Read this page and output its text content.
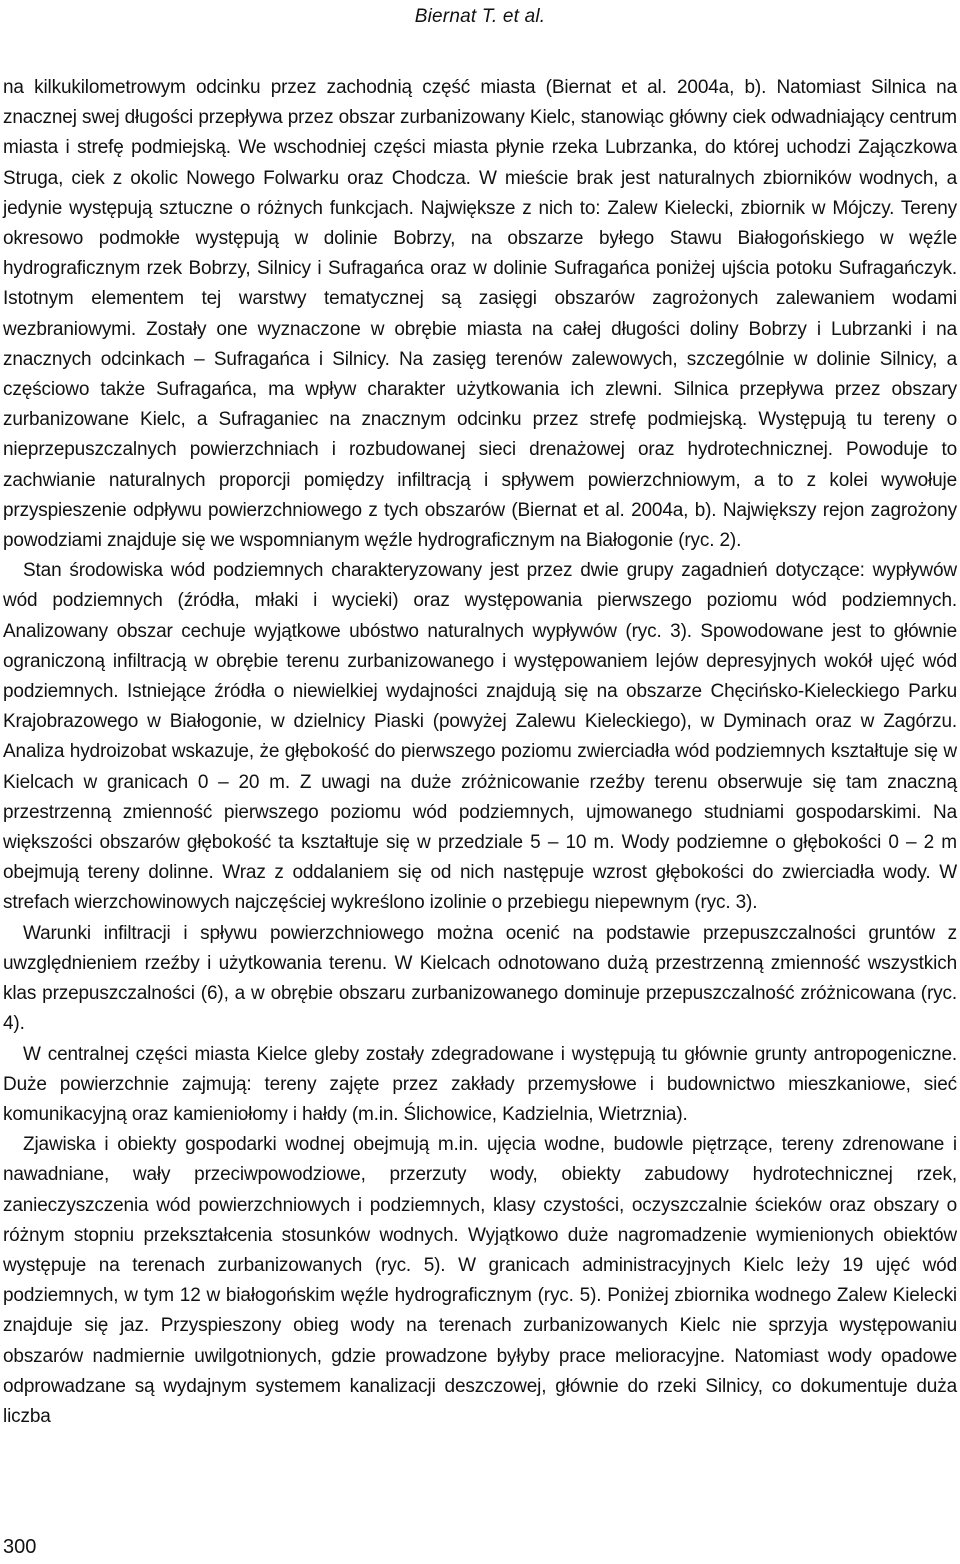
Biernat T. et al.

na kilkukilometrowym odcinku przez zachodnią część miasta (Biernat et al. 2004a, b). Natomiast Silnica na znacznej swej długości przepływa przez obszar zurbanizowany Kielc, stanowiąc główny ciek odwadniający centrum miasta i strefę podmiejską. We wschodniej części miasta płynie rzeka Lubrzanka, do której uchodzi Zajączkowa Struga, ciek z okolic Nowego Folwarku oraz Chodcza. W mieście brak jest naturalnych zbiorników wodnych, a jedynie występują sztuczne o różnych funkcjach. Największe z nich to: Zalew Kielecki, zbiornik w Mójczy. Tereny okresowo podmokłe występują w dolinie Bobrzy, na obszarze byłego Stawu Białogońskiego w węźle hydrograficznym rzek Bobrzy, Silnicy i Sufragańca oraz w dolinie Sufragańca poniżej ujścia potoku Sufragańczyk. Istotnym elementem tej warstwy tematycznej są zasięgi obszarów zagrożonych zalewaniem wodami wezbraniowymi. Zostały one wyznaczone w obrębie miasta na całej długości doliny Bobrzy i Lubrzanki i na znacznych odcinkach – Sufragańca i Silnicy. Na zasięg terenów zalewowych, szczególnie w dolinie Silnicy, a częściowo także Sufragańca, ma wpływ charakter użytkowania ich zlewni. Silnica przepływa przez obszary zurbanizowane Kielc, a Sufraganiec na znacznym odcinku przez strefę podmiejską. Występują tu tereny o nieprzepuszczalnych powierzchniach i rozbudowanej sieci drenażowej oraz hydrotechnicznej. Powoduje to zachwianie naturalnych proporcji pomiędzy infiltracją i spływem powierzchniowym, a to z kolei wywołuje przyspieszenie odpływu powierzchniowego z tych obszarów (Biernat et al. 2004a, b). Największy rejon zagrożony powodziami znajduje się we wspomnianym węźle hydrograficznym na Białogonie (ryc. 2).

Stan środowiska wód podziemnych charakteryzowany jest przez dwie grupy zagadnień dotyczące: wypływów wód podziemnych (źródła, młaki i wycieki) oraz występowania pierwszego poziomu wód podziemnych. Analizowany obszar cechuje wyjątkowe ubóstwo naturalnych wypływów (ryc. 3). Spowodowane jest to głównie ograniczoną infiltracją w obrębie terenu zurbanizowanego i występowaniem lejów depresyjnych wokół ujęć wód podziemnych. Istniejące źródła o niewielkiej wydajności znajdują się na obszarze Chęcińsko-Kieleckiego Parku Krajobrazowego w Białogonie, w dzielnicy Piaski (powyżej Zalewu Kieleckiego), w Dyminach oraz w Zagórzu. Analiza hydroizobat wskazuje, że głębokość do pierwszego poziomu zwierciadła wód podziemnych kształtuje się w Kielcach w granicach 0 – 20 m. Z uwagi na duże zróżnicowanie rzeźby terenu obserwuje się tam znaczną przestrzenną zmienność pierwszego poziomu wód podziemnych, ujmowanego studniami gospodarskimi. Na większości obszarów głębokość ta kształtuje się w przedziale 5 – 10 m. Wody podziemne o głębokości 0 – 2 m obejmują tereny dolinne. Wraz z oddalaniem się od nich następuje wzrost głębokości do zwierciadła wody. W strefach wierzchowinowych najczęściej wykreślono izolinie o przebiegu niepewnym (ryc. 3).

Warunki infiltracji i spływu powierzchniowego można ocenić na podstawie przepuszczalności gruntów z uwzględnieniem rzeźby i użytkowania terenu. W Kielcach odnotowano dużą przestrzenną zmienność wszystkich klas przepuszczalności (6), a w obrębie obszaru zurbanizowanego dominuje przepuszczalność zróżnicowana (ryc. 4).

W centralnej części miasta Kielce gleby zostały zdegradowane i występują tu głównie grunty antropogeniczne. Duże powierzchnie zajmują: tereny zajęte przez zakłady przemysłowe i budownictwo mieszkaniowe, sieć komunikacyjną oraz kamieniołomy i hałdy (m.in. Ślichowice, Kadzielnia, Wietrznia).

Zjawiska i obiekty gospodarki wodnej obejmują m.in. ujęcia wodne, budowle piętrzące, tereny zdrenowane i nawadniane, wały przeciwpowodziowe, przerzuty wody, obiekty zabudowy hydrotechnicznej rzek, zanieczyszczenia wód powierzchniowych i podziemnych, klasy czystości, oczyszczalnie ścieków oraz obszary o różnym stopniu przekształcenia stosunków wodnych. Wyjątkowo duże nagromadzenie wymienionych obiektów występuje na terenach zurbanizowanych (ryc. 5). W granicach administracyjnych Kielc leży 19 ujęć wód podziemnych, w tym 12 w białogońskim węźle hydrograficznym (ryc. 5). Poniżej zbiornika wodnego Zalew Kielecki znajduje się jaz. Przyspieszony obieg wody na terenach zurbanizowanych Kielc nie sprzyja występowaniu obszarów nadmiernie uwilgotnionych, gdzie prowadzone byłyby prace melioracyjne. Natomiast wody opadowe odprowadzane są wydajnym systemem kanalizacji deszczowej, głównie do rzeki Silnicy, co dokumentuje duża liczba

300
